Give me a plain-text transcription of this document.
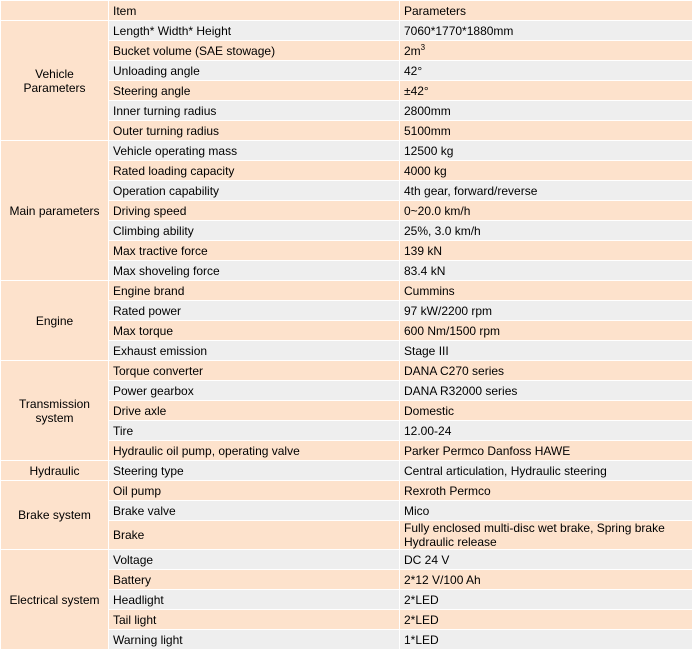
	Item	Parameters
Vehicle Parameters	Length* Width* Height	7060*1770*1880mm
	Bucket volume (SAE stowage)	$2m^3$
	Unloading angle	42°
	Steering angle	±42°
	Inner turning radius	2800mm
	Outer turning radius	5100mm
Main parameters	Vehicle operating mass	12500 kg
	Rated loading capacity	4000 kg
	Operation capability	4th gear, forward/reverse
	Driving speed	0~20.0 km/h
	Climbing ability	25%, 3.0 km/h
	Max tractive force	139 kN
	Max shoveling force	83.4 kN
Engine	Engine brand	Cummins
	Rated power	97 kW/2200 rpm
	Max torque	600 Nm/1500 rpm
	Exhaust emission	Stage III
Transmission system	Torque converter	DANA C270 series
	Power gearbox	DANA R32000 series
	Drive axle	Domestic
	Tire	12.00-24
	Hydraulic oil pump, operating valve	Parker Permco Danfoss HAWE
Hydraulic	Steering type	Central articulation, Hydraulic steering
Brake system	Oil pump	Rexroth Permco
	Brake valve	Mico
	Brake	Fully enclosed multi-disc wet brake, Spring brake
Hydraulic release
Electrical system	Voltage	DC 24 V
	Battery	2*12 V/100 Ah
	Headlight	2*LED
	Tail light	2*LED
	Warning light	1*LED
